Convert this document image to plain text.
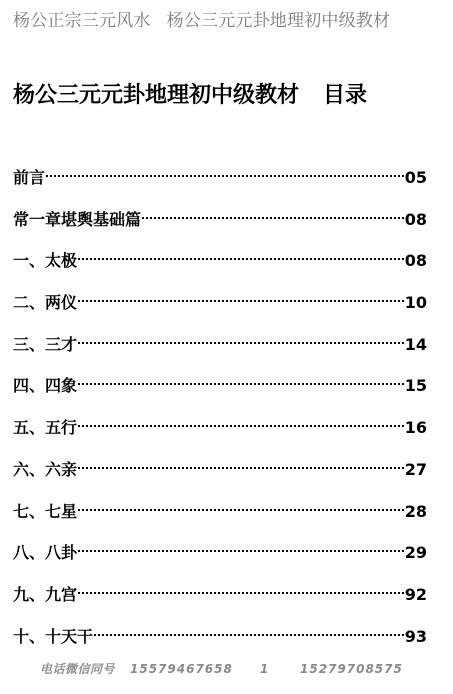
杨公正宗三元风水 杨公三元元卦地理初中级教材
杨公三元元卦地理初中级教材 目录
前言	05
常一章堪舆基础篇	08
一、太极	08
二、两仪	10
三、三才	14
四、四象	15
五、五行	16
六、六亲	27
七、七星	28
八、八卦	29
九、九宫	92
十、十天干	93
电话微信同号 15579467658 1	15279708575
